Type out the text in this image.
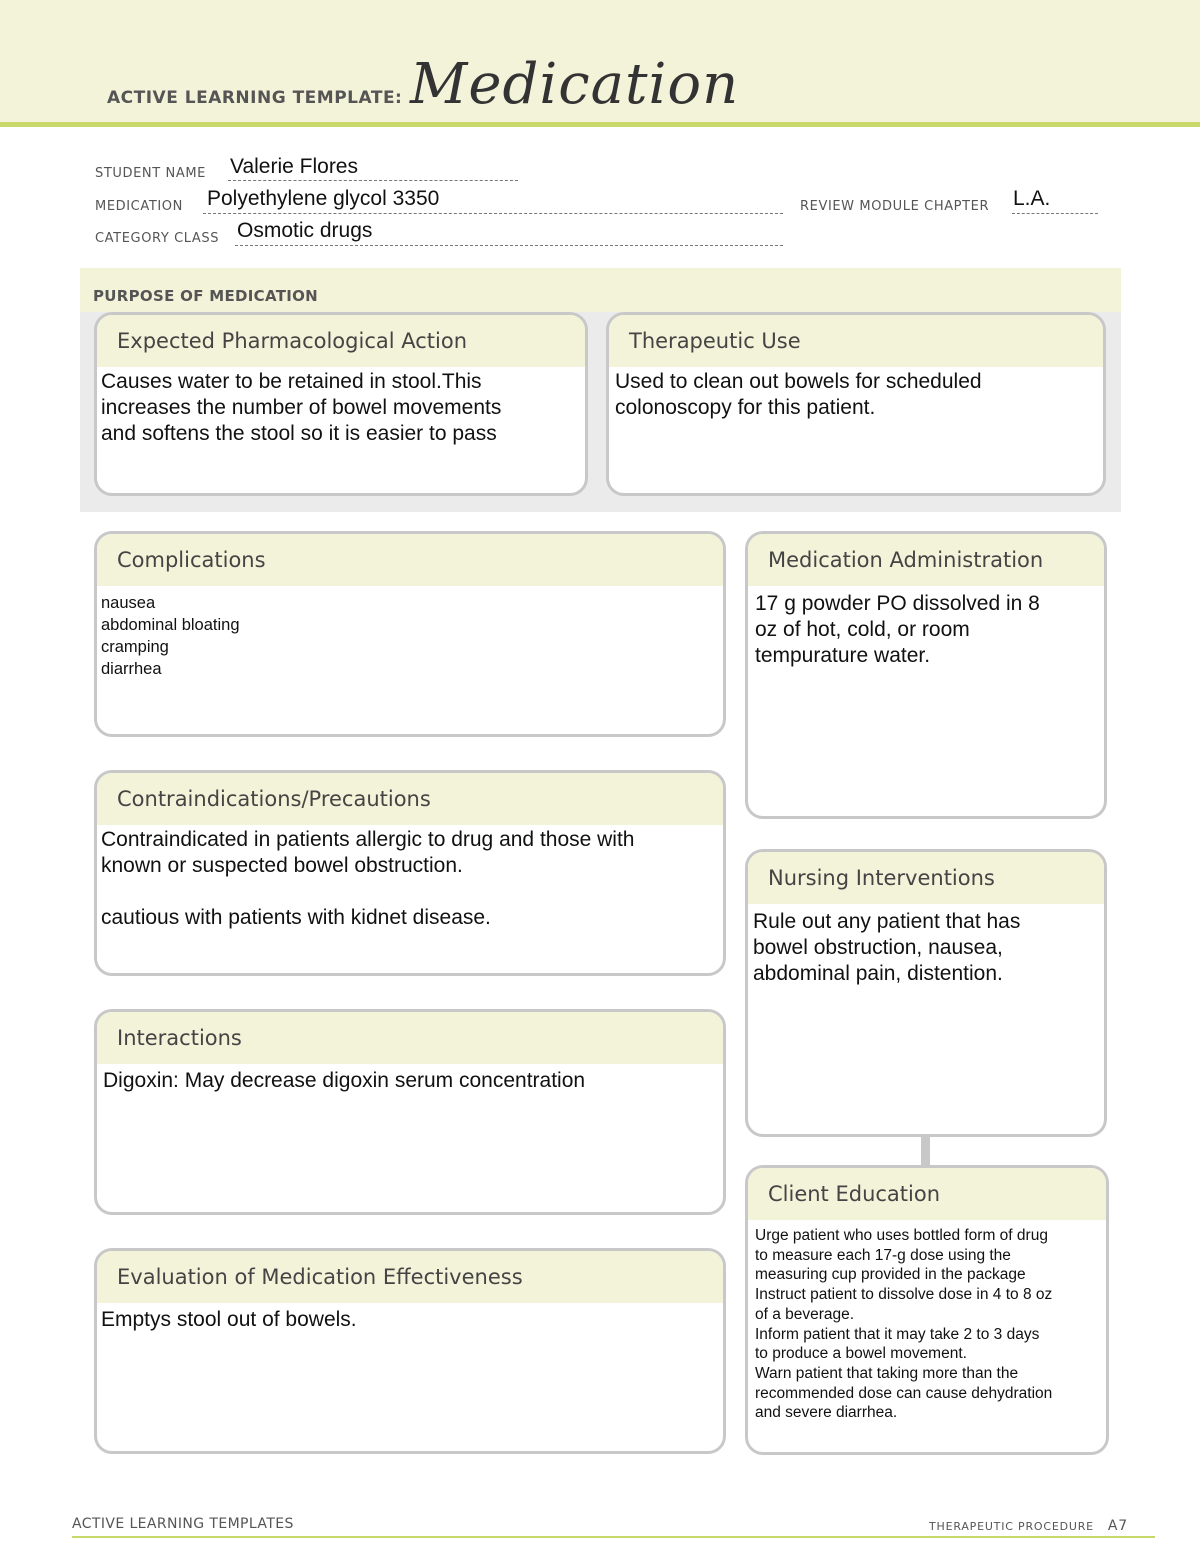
ACTIVE LEARNING TEMPLATE: Medication
STUDENT NAME Valerie Flores
MEDICATION Polyethylene glycol 3350	REVIEW MODULE CHAPTER L.A.
CATEGORY CLASS Osmotic drugs
PURPOSE OF MEDICATION
Expected Pharmacological Action
Causes water to be retained in stool.This
increases the number of bowel movements
and softens the stool so it is easier to pass
Therapeutic Use
Used to clean out bowels for scheduled
colonoscopy for this patient.
Complications
nausea
abdominal bloating
cramping
diarrhea
Contraindications/Precautions
Contraindicated in patients allergic to drug and those with
known or suspected bowel obstruction.

cautious with patients with kidnet disease.
Interactions
Digoxin: May decrease digoxin serum concentration
Evaluation of Medication Effectiveness
Emptys stool out of bowels.
Medication Administration
17 g powder PO dissolved in 8
oz of hot, cold, or room
tempurature water.
Nursing Interventions
Rule out any patient that has
bowel obstruction, nausea,
abdominal pain, distention.
Client Education
Urge patient who uses bottled form of drug
to measure each 17-g dose using the
measuring cup provided in the package
Instruct patient to dissolve dose in 4 to 8 oz
of a beverage.
Inform patient that it may take 2 to 3 days
to produce a bowel movement.
Warn patient that taking more than the
recommended dose can cause dehydration
and severe diarrhea.
ACTIVE LEARNING TEMPLATES	THERAPEUTIC PROCEDURE A7
